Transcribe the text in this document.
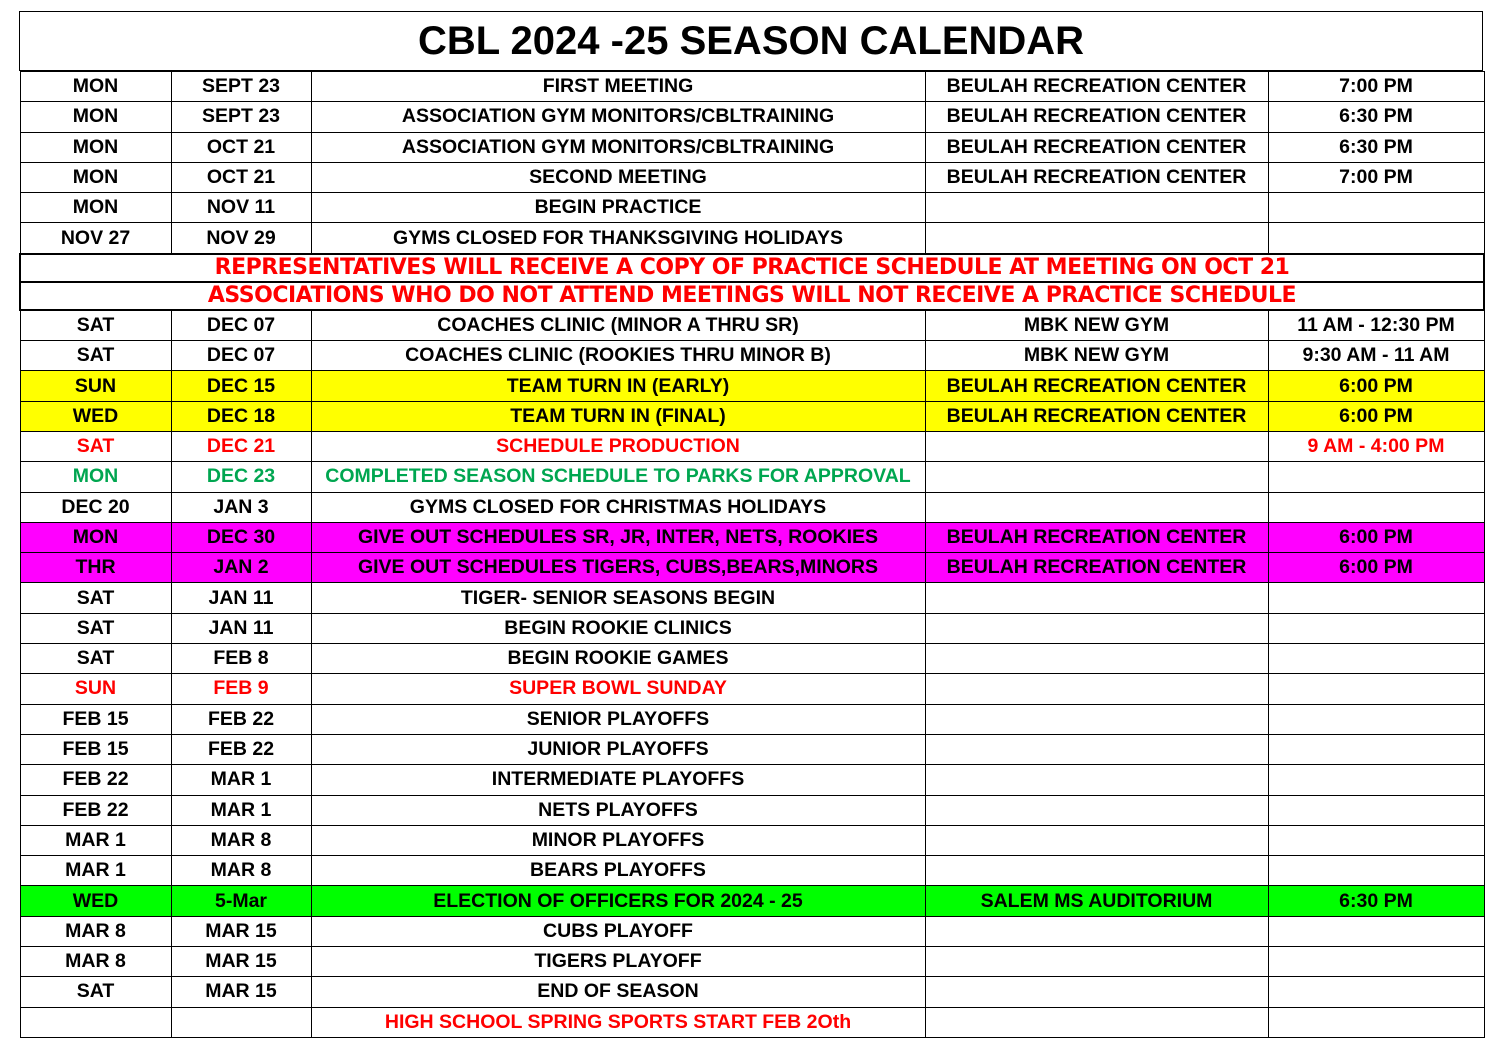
CBL 2024 -25 SEASON CALENDAR
MON	SEPT 23	FIRST MEETING	BEULAH RECREATION CENTER	7:00 PM
MON	SEPT 23	ASSOCIATION GYM MONITORS/CBLTRAINING	BEULAH RECREATION CENTER	6:30 PM
MON	OCT 21	ASSOCIATION GYM MONITORS/CBLTRAINING	BEULAH RECREATION CENTER	6:30 PM
MON	OCT 21	SECOND MEETING	BEULAH RECREATION CENTER	7:00 PM
MON	NOV 11	BEGIN PRACTICE		
NOV 27	NOV 29	GYMS CLOSED FOR THANKSGIVING HOLIDAYS		
REPRESENTATIVES WILL RECEIVE A COPY OF PRACTICE SCHEDULE AT MEETING ON OCT 21				
ASSOCIATIONS WHO DO NOT ATTEND MEETINGS WILL NOT RECEIVE A PRACTICE SCHEDULE				
SAT	DEC 07	COACHES CLINIC (MINOR A THRU SR)	MBK NEW GYM	11 AM - 12:30 PM
SAT	DEC 07	COACHES CLINIC (ROOKIES THRU MINOR B)	MBK NEW GYM	9:30 AM - 11 AM
SUN	DEC 15	TEAM TURN IN (EARLY)	BEULAH RECREATION CENTER	6:00 PM
WED	DEC 18	TEAM TURN IN (FINAL)	BEULAH RECREATION CENTER	6:00 PM
SAT	DEC 21	SCHEDULE PRODUCTION		9 AM - 4:00 PM
MON	DEC 23	COMPLETED SEASON SCHEDULE TO PARKS FOR APPROVAL		
DEC 20	JAN 3	GYMS CLOSED FOR CHRISTMAS HOLIDAYS		
MON	DEC 30	GIVE OUT SCHEDULES SR, JR, INTER, NETS, ROOKIES	BEULAH RECREATION CENTER	6:00 PM
THR	JAN 2	GIVE OUT SCHEDULES TIGERS, CUBS,BEARS,MINORS	BEULAH RECREATION CENTER	6:00 PM
SAT	JAN 11	TIGER- SENIOR SEASONS BEGIN		
SAT	JAN 11	BEGIN ROOKIE CLINICS		
SAT	FEB 8	BEGIN ROOKIE GAMES		
SUN	FEB 9	SUPER BOWL SUNDAY		
FEB 15	FEB 22	SENIOR PLAYOFFS		
FEB 15	FEB 22	JUNIOR PLAYOFFS		
FEB 22	MAR 1	INTERMEDIATE PLAYOFFS		
FEB 22	MAR 1	NETS PLAYOFFS		
MAR 1	MAR 8	MINOR PLAYOFFS		
MAR 1	MAR 8	BEARS PLAYOFFS		
WED	5-Mar	ELECTION OF OFFICERS FOR 2024 - 25	SALEM MS AUDITORIUM	6:30 PM
MAR 8	MAR 15	CUBS PLAYOFF		
MAR 8	MAR 15	TIGERS PLAYOFF		
SAT	MAR 15	END OF SEASON		
		HIGH SCHOOL SPRING SPORTS START FEB 2Oth		
